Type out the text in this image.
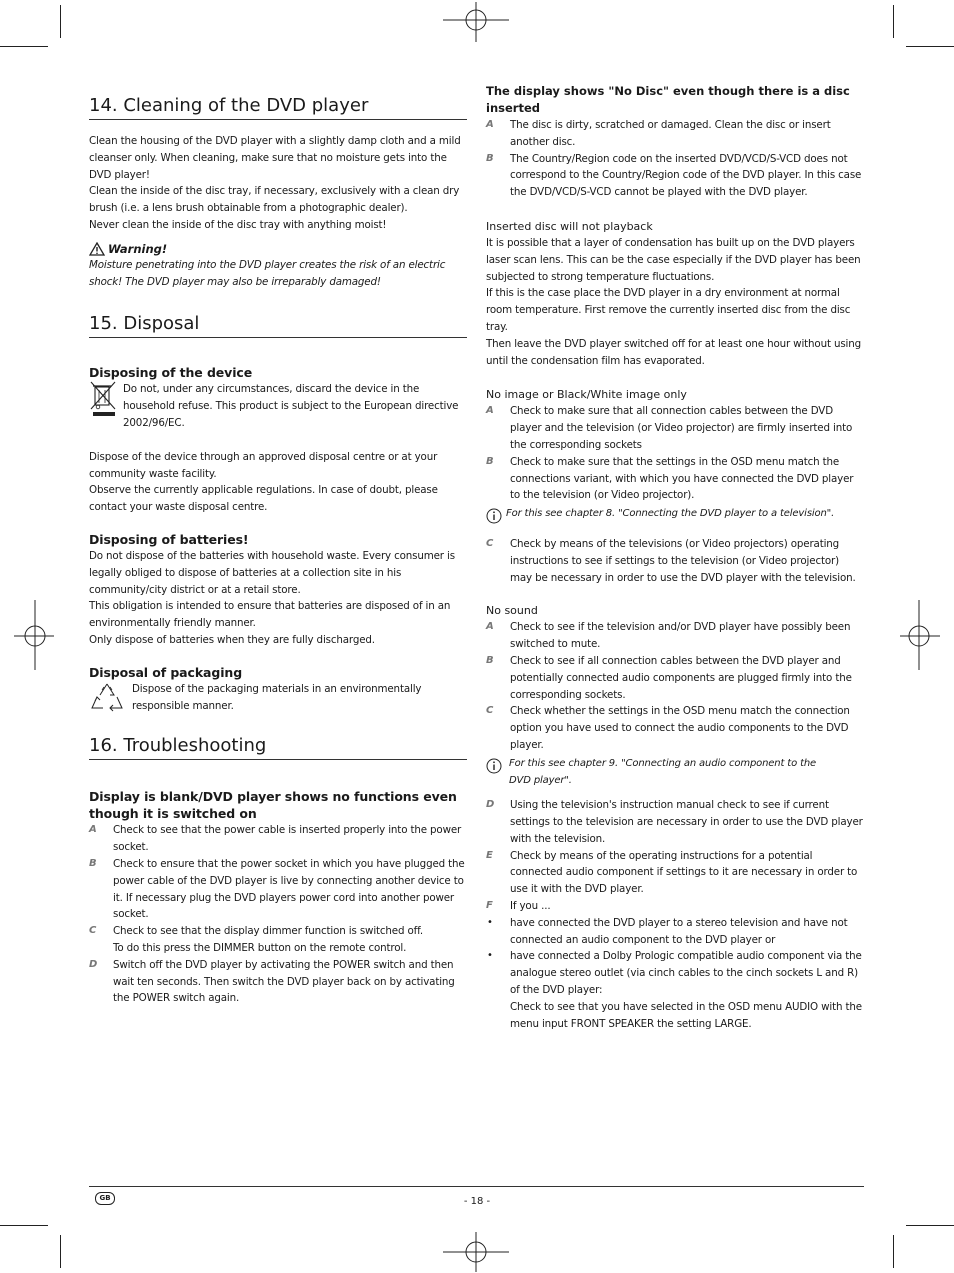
14. Cleaning of the DVD player

Clean the housing of the DVD player with a slightly damp cloth and a mild cleanser only. When cleaning, make sure that no moisture gets into the DVD player!

Clean the inside of the disc tray, if necessary, exclusively with a clean dry brush (i.e. a lens brush obtainable from a photographic dealer).

Never clean the inside of the disc tray with anything moist!

Warning!

Moisture penetrating into the DVD player creates the risk of an electric shock! The DVD player may also be irreparably damaged!

15. Disposal
Disposing of the device

Do not, under any circumstances, discard the device in the household refuse. This product is subject to the European directive 2002/96/EC.

Dispose of the device through an approved disposal centre or at your community waste facility.

Observe the currently applicable regulations. In case of doubt, please contact your waste disposal centre.

Disposing of batteries!

Do not dispose of the batteries with household waste. Every consumer is legally obliged to dispose of batteries at a collection site in his community/city district or at a retail store.

This obligation is intended to ensure that batteries are disposed of in an environmentally friendly manner.

Only dispose of batteries when they are fully discharged.

Disposal of packaging

Dispose of the packaging materials in an environmentally responsible manner.

16. Troubleshooting
Display is blank/DVD player shows no functions even though it is switched on
A Check to see that the power cable is inserted properly into the power socket.

B Check to ensure that the power socket in which you have plugged the power cable of the DVD player is live by connecting another device to it. If necessary plug the DVD players power cord into another power socket.

C Check to see that the display dimmer function is switched off.

To do this press the DIMMER button on the remote control.

D Switch off the DVD player by activating the POWER switch and then wait ten seconds. Then switch the DVD player back on by activating the POWER switch again.

The display shows "No Disc" even though there is a disc inserted
A The disc is dirty, scratched or damaged. Clean the disc or insert another disc.

B The Country/Region code on the inserted DVD/VCD/S-VCD does not correspond to the Country/Region code of the DVD player. In this case the DVD/VCD/S-VCD cannot be played with the DVD player.

Inserted disc will not playback

It is possible that a layer of condensation has built up on the DVD players laser scan lens. This can be the case especially if the DVD player has been subjected to strong temperature fluctuations.

If this is the case place the DVD player in a dry environment at normal room temperature. First remove the currently inserted disc from the disc tray.

Then leave the DVD player switched off for at least one hour without using until the condensation film has evaporated.

No image or Black/White image only
A Check to make sure that all connection cables between the DVD player and the television (or Video projector) are firmly inserted into the corresponding sockets

B Check to make sure that the settings in the OSD menu match the connections variant, with which you have connected the DVD player to the television (or Video projector).

For this see chapter 8. "Connecting the DVD player to a television".

C Check by means of the televisions (or Video projectors) operating instructions to see if settings to the television (or Video projector) may be necessary in order to use the DVD player with the television.

No sound
A Check to see if the television and/or DVD player have possibly been switched to mute.

B Check to see if all connection cables between the DVD player and potentially connected audio components are plugged firmly into the corresponding sockets.

C Check whether the settings in the OSD menu match the connection option you have used to connect the audio components to the DVD player.

For this see chapter 9. "Connecting an audio component to the DVD player".

D Using the television's instruction manual check to see if current settings to the television are necessary in order to use the DVD player with the television.

E Check by means of the operating instructions for a potential connected audio component if settings to it are necessary in order to use it with the DVD player.

F If you ...

• have connected the DVD player to a stereo television and have not connected an audio component to the DVD player or

• have connected a Dolby Prologic compatible audio component via the analogue stereo outlet (via cinch cables to the cinch sockets L and R) of the DVD player:

Check to see that you have selected in the OSD menu AUDIO with the menu input FRONT SPEAKER the setting LARGE.

GB	- 18 -
